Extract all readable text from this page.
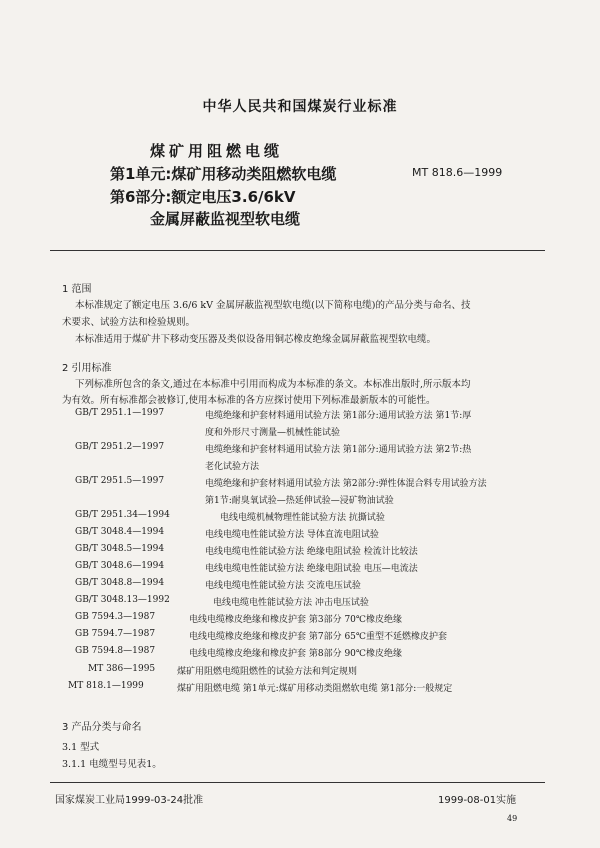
中华人民共和国煤炭行业标准
煤矿用阻燃电缆
第1单元:煤矿用移动类阻燃软电缆
第6部分:额定电压3.6/6kV
金属屏蔽监视型软电缆
MT 818.6—1999
1 范围
本标准规定了额定电压 3.6/6 kV 金属屏蔽监视型软电缆(以下简称电缆)的产品分类与命名、技
术要求、试验方法和检验规则。
本标准适用于煤矿井下移动变压器及类似设备用铜芯橡皮绝缘金属屏蔽监视型软电缆。
2 引用标准
下列标准所包含的条文,通过在本标准中引用而构成为本标准的条文。本标准出版时,所示版本均
为有效。所有标准都会被修订,使用本标准的各方应探讨使用下列标准最新版本的可能性。
GB/T 2951.1—1997	电缆绝缘和护套材料通用试验方法 第1部分:通用试验方法 第1节:厚
度和外形尺寸测量—机械性能试验
GB/T 2951.2—1997	电缆绝缘和护套材料通用试验方法 第1部分:通用试验方法 第2节:热
老化试验方法
GB/T 2951.5—1997	电缆绝缘和护套材料通用试验方法 第2部分:弹性体混合料专用试验方法
第1节:耐臭氧试验—热延伸试验—浸矿物油试验
GB/T 2951.34—1994	电线电缆机械物理性能试验方法 抗撕试验
GB/T 3048.4—1994	电线电缆电性能试验方法 导体直流电阻试验
GB/T 3048.5—1994	电线电缆电性能试验方法 绝缘电阻试验 检流计比较法
GB/T 3048.6—1994	电线电缆电性能试验方法 绝缘电阻试验 电压—电流法
GB/T 3048.8—1994	电线电缆电性能试验方法 交流电压试验
GB/T 3048.13—1992	电线电缆电性能试验方法 冲击电压试验
GB 7594.3—1987	电线电缆橡皮绝缘和橡皮护套 第3部分 70℃橡皮绝缘
GB 7594.7—1987	电线电缆橡皮绝缘和橡皮护套 第7部分 65℃重型不延燃橡皮护套
GB 7594.8—1987	电线电缆橡皮绝缘和橡皮护套 第8部分 90℃橡皮绝缘
MT 386—1995 煤矿用阻燃电缆阻燃性的试验方法和判定规则
MT 818.1—1999	煤矿用阻燃电缆 第1单元:煤矿用移动类阻燃软电缆 第1部分:一般规定
3 产品分类与命名
3.1 型式
3.1.1 电缆型号见表1。
国家煤炭工业局1999-03-24批准	1999-08-01实施
49
